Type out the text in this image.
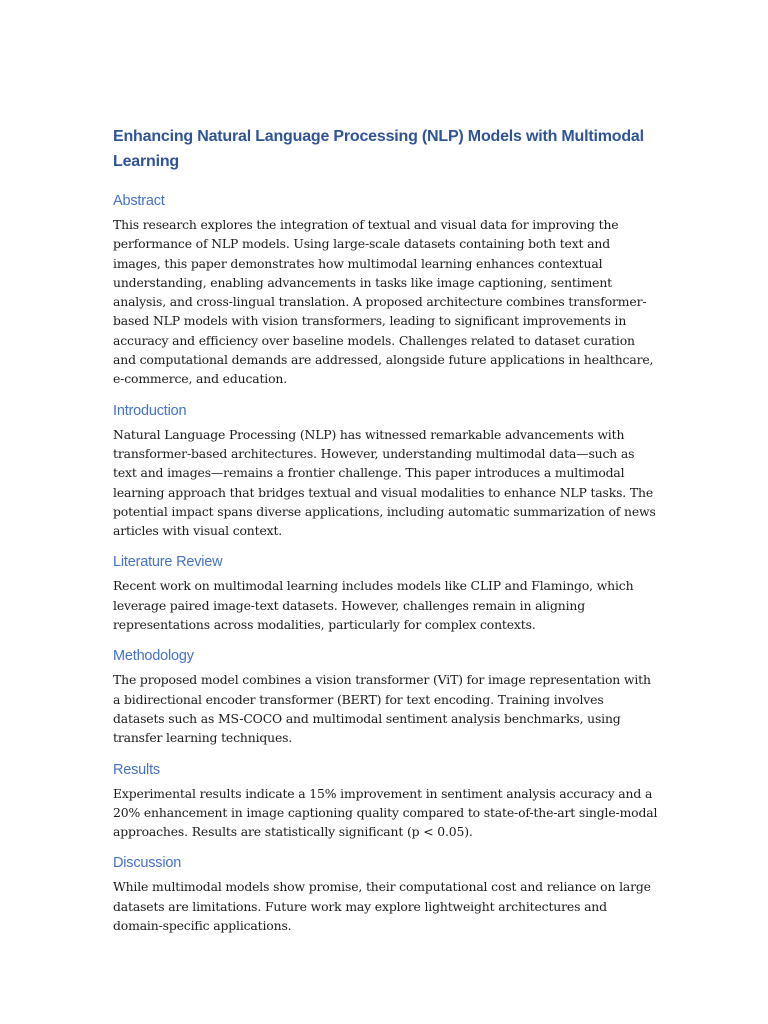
Enhancing Natural Language Processing (NLP) Models with Multimodal Learning
Abstract

This research explores the integration of textual and visual data for improving the performance of NLP models. Using large-scale datasets containing both text and images, this paper demonstrates how multimodal learning enhances contextual understanding, enabling advancements in tasks like image captioning, sentiment analysis, and cross-lingual translation. A proposed architecture combines transformer-based NLP models with vision transformers, leading to significant improvements in accuracy and efficiency over baseline models. Challenges related to dataset curation and computational demands are addressed, alongside future applications in healthcare, e-commerce, and education.

Introduction

Natural Language Processing (NLP) has witnessed remarkable advancements with transformer-based architectures. However, understanding multimodal data—such as text and images—remains a frontier challenge. This paper introduces a multimodal learning approach that bridges textual and visual modalities to enhance NLP tasks. The potential impact spans diverse applications, including automatic summarization of news articles with visual context.

Literature Review

Recent work on multimodal learning includes models like CLIP and Flamingo, which leverage paired image-text datasets. However, challenges remain in aligning representations across modalities, particularly for complex contexts.

Methodology

The proposed model combines a vision transformer (ViT) for image representation with a bidirectional encoder transformer (BERT) for text encoding. Training involves datasets such as MS-COCO and multimodal sentiment analysis benchmarks, using transfer learning techniques.

Results

Experimental results indicate a 15% improvement in sentiment analysis accuracy and a 20% enhancement in image captioning quality compared to state-of-the-art single-modal approaches. Results are statistically significant (p < 0.05).

Discussion

While multimodal models show promise, their computational cost and reliance on large datasets are limitations. Future work may explore lightweight architectures and domain-specific applications.
